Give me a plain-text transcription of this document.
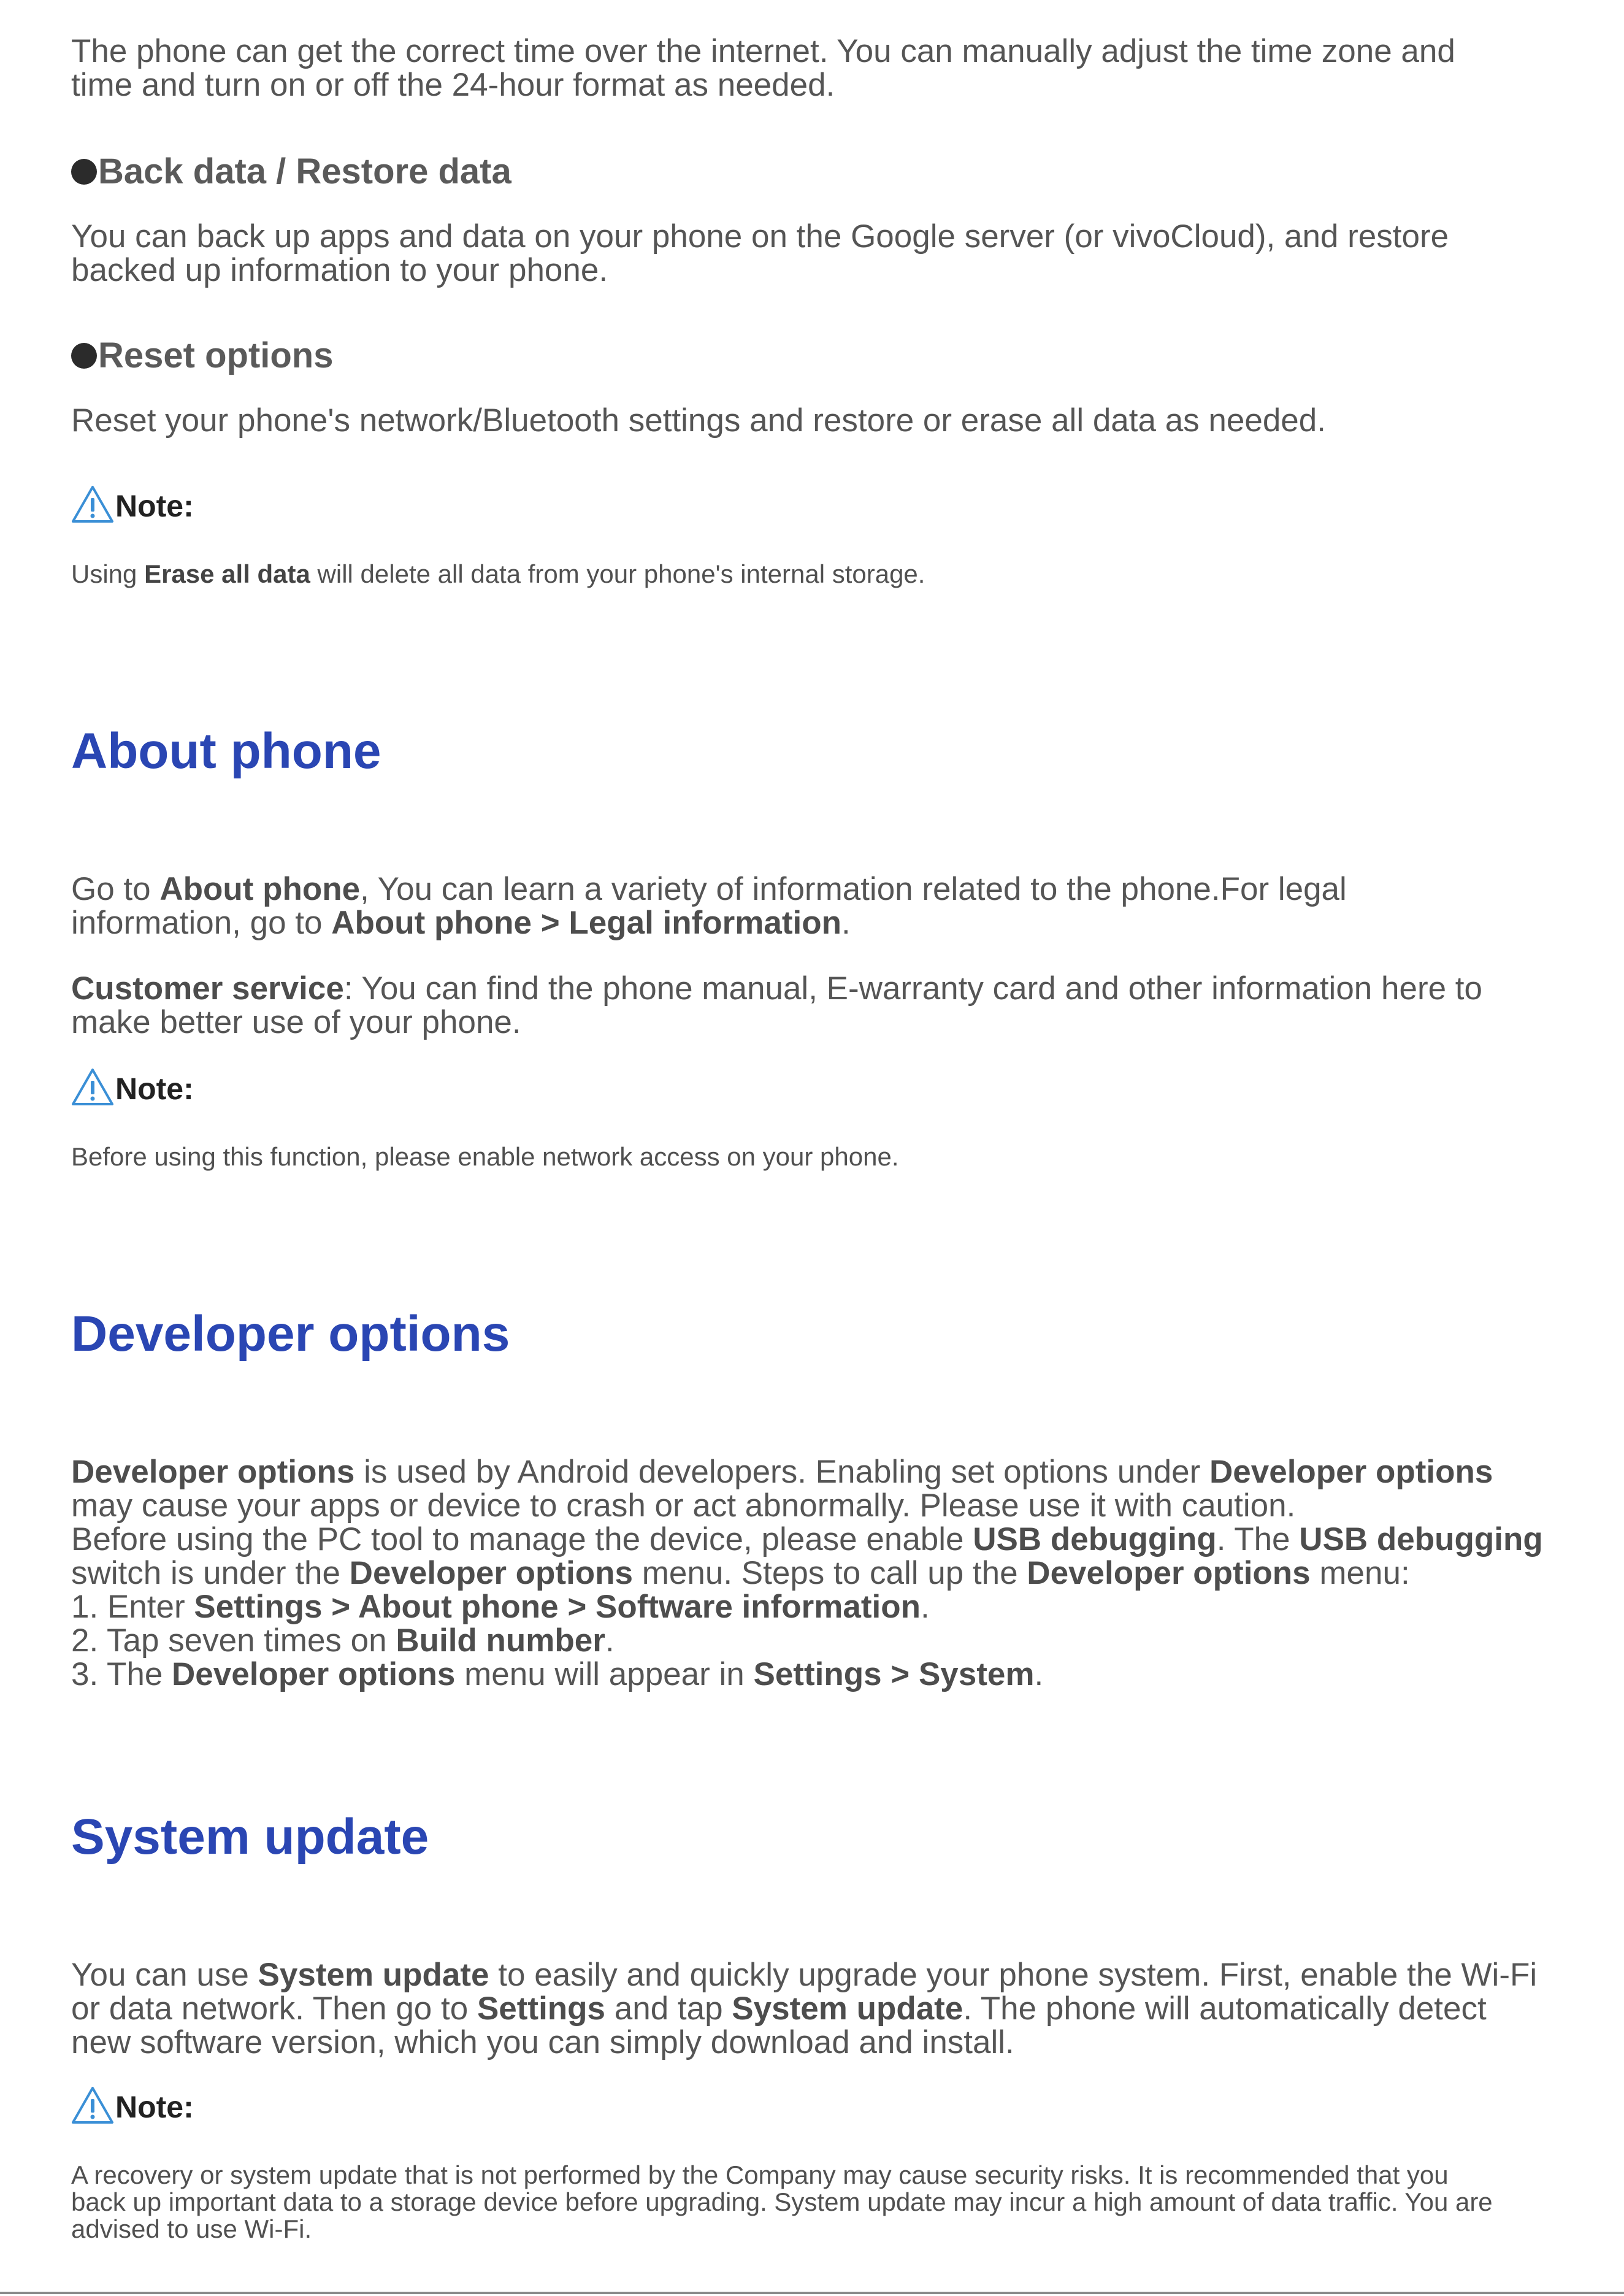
The phone can get the correct time over the internet. You can manually adjust the time zone and
time and turn on or off the 24-hour format as needed.

Back data / Restore data

You can back up apps and data on your phone on the Google server (or vivoCloud), and restore
backed up information to your phone.

Reset options

Reset your phone's network/Bluetooth settings and restore or erase all data as needed.

Note:

Using Erase all data will delete all data from your phone's internal storage.

About phone

Go to About phone, You can learn a variety of information related to the phone.For legal
information, go to About phone > Legal information.

Customer service: You can find the phone manual, E-warranty card and other information here to
make better use of your phone.

Note:

Before using this function, please enable network access on your phone.

Developer options

Developer options is used by Android developers. Enabling set options under Developer options
may cause your apps or device to crash or act abnormally. Please use it with caution.
Before using the PC tool to manage the device, please enable USB debugging. The USB debugging
switch is under the Developer options menu. Steps to call up the Developer options menu:
1. Enter Settings > About phone > Software information.
2. Tap seven times on Build number.
3. The Developer options menu will appear in Settings > System.

System update

You can use System update to easily and quickly upgrade your phone system. First, enable the Wi-Fi
or data network. Then go to Settings and tap System update. The phone will automatically detect
new software version, which you can simply download and install.

Note:

A recovery or system update that is not performed by the Company may cause security risks. It is recommended that you
back up important data to a storage device before upgrading. System update may incur a high amount of data traffic. You are
advised to use Wi-Fi.
